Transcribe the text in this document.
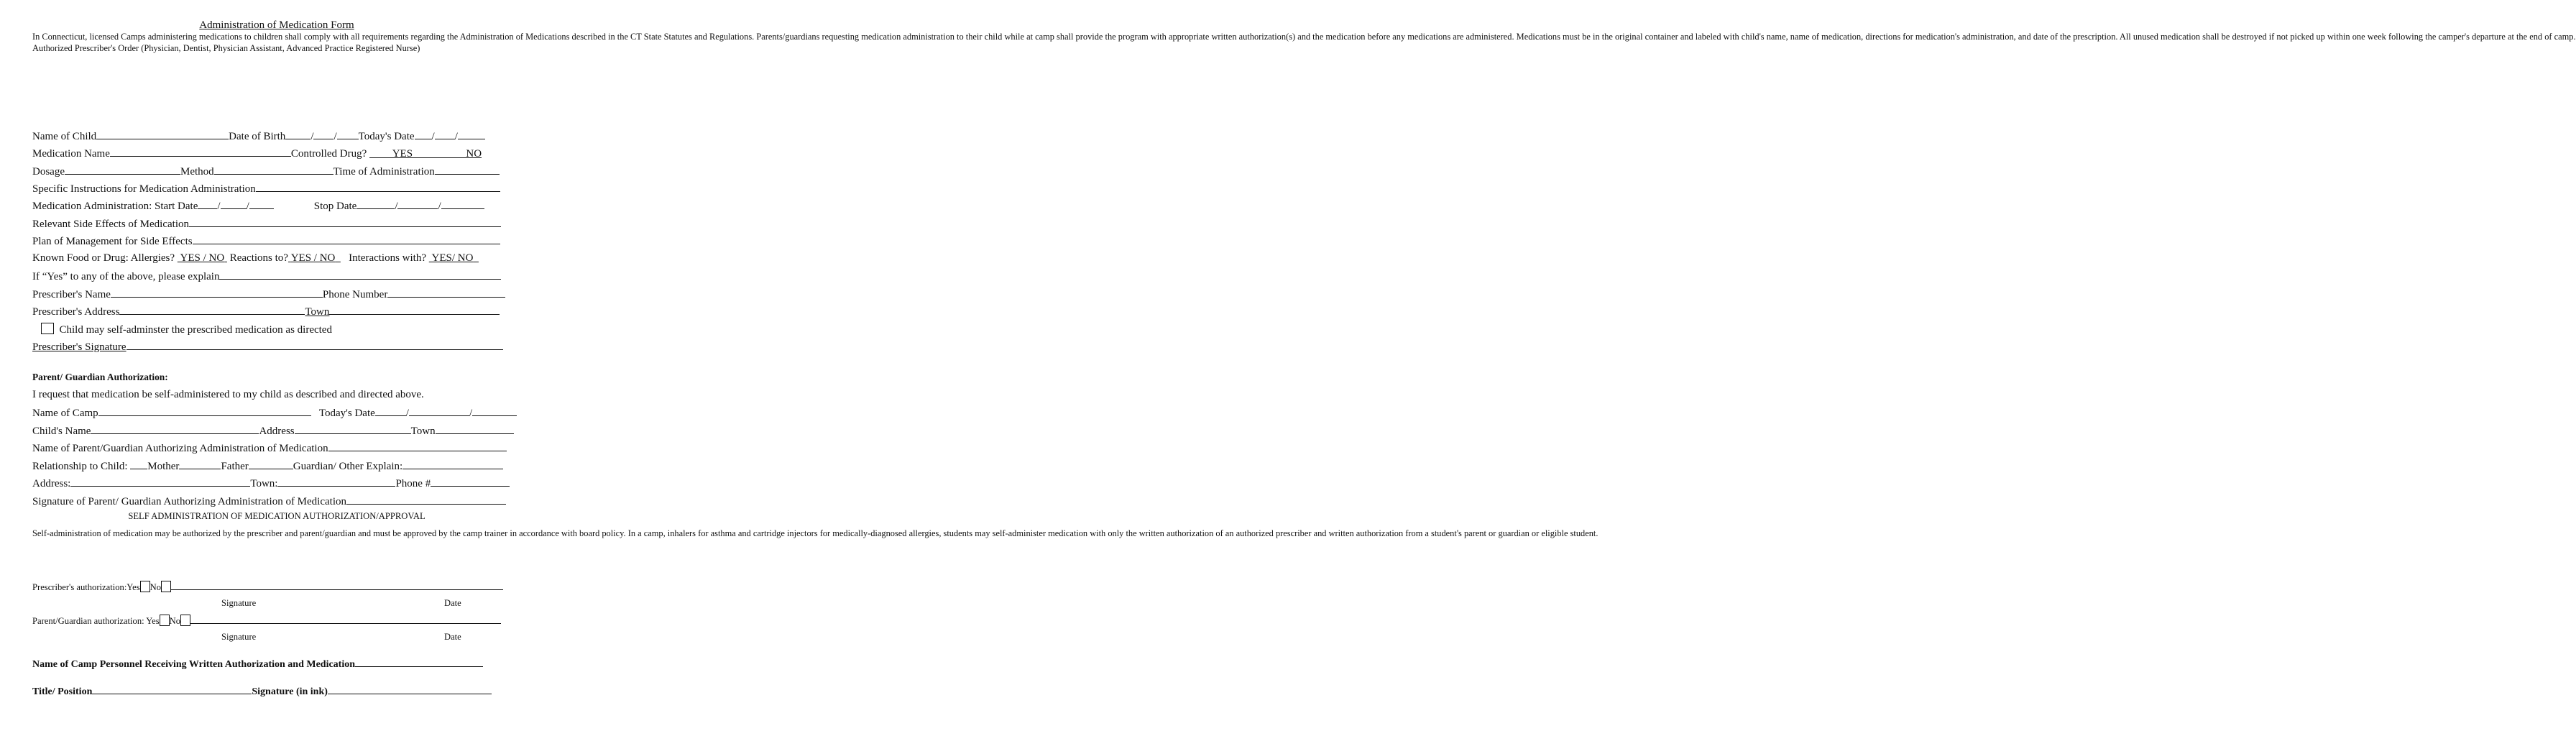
Administration of Medication Form

In Connecticut, licensed Camps administering medications to children shall comply with all requirements regarding the Administration of Medications described in the CT State Statutes and Regulations. Parents/guardians requesting medication administration to their child while at camp shall provide the program with appropriate written authorization(s) and the medication before any medications are administered. Medications must be in the original container and labeled with child's name, name of medication, directions for medication's administration, and date of the prescription. All unused medication shall be destroyed if not picked up within one week following the camper's departure at the end of camp.

Authorized Prescriber's Order (Physician, Dentist, Physician Assistant, Advanced Practice Registered Nurse)

Name of Child	Date of Birth / / Today's Date / /
Medication Name	Controlled Drug? YES	NO
Dosage	Method	Time of Administration
Specific Instructions for Medication Administration
Medication Administration: Start Date / /	Stop Date	/	/
Relevant Side Effects of Medication
Plan of Management for Side Effects
Known Food or Drug: Allergies? YES / NO Reactions to? YES / NO Interactions with? YES/ NO
If “Yes” to any of the above, please explain
Prescriber's Name	Phone Number
Prescriber's Address	Town
Child may self-adminster the prescribed medication as directed
Prescriber's Signature
Parent/ Guardian Authorization:
I request that medication be self-administered to my child as described and directed above.
Name of Camp	Today's Date	/	/
Child's Name	Address	Town
Name of Parent/Guardian Authorizing Administration of Medication
Relationship to Child: Mother	Father	Guardian/ Other Explain:
Address:	Town:	Phone #
Signature of Parent/ Guardian Authorizing Administration of Medication
SELF ADMINISTRATION OF MEDICATION AUTHORIZATION/APPROVAL
Self-administration of medication may be authorized by the prescriber and parent/guardian and must be approved by the camp trainer in accordance with board policy. In a camp, inhalers for asthma and cartridge injectors for medically-diagnosed allergies, students may self-administer medication with only the written authorization of an authorized prescriber and written authorization from a student's parent or guardian or eligible student.
Prescriber's authorization:Yes No
Signature	Date
Parent/Guardian authorization: Yes No
Signature	Date
Name of Camp Personnel Receiving Written Authorization and Medication
Title/ Position	Signature (in ink)
